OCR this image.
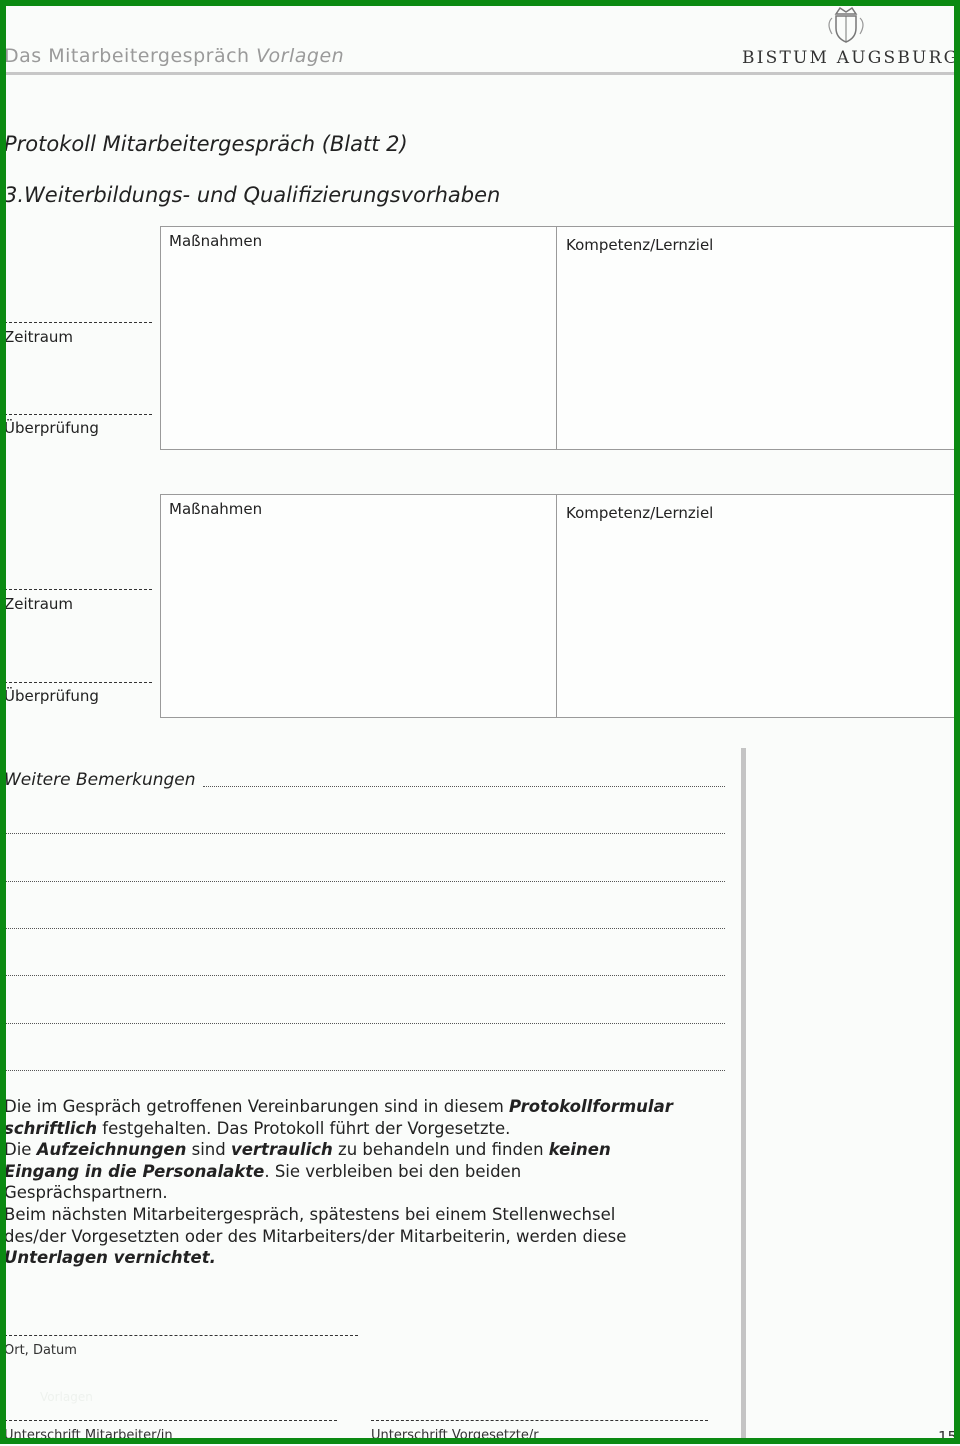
Das Mitarbeitergespräch Vorlagen	BISTUM AUGSBURG
Protokoll Mitarbeitergespräch (Blatt 2)
3.Weiterbildungs- und Qualifizierungsvorhaben
Maßnahmen	Kompetenz/Lernziel
Zeitraum
Überprüfung
Maßnahmen	Kompetenz/Lernziel
Zeitraum
Überprüfung
Weitere Bemerkungen
Die im Gespräch getroffenen Vereinbarungen sind in diesem Protokollformular schriftlich festgehalten. Das Protokoll führt der Vorgesetzte.
Die Aufzeichnungen sind vertraulich zu behandeln und finden keinen Eingang in die Personalakte. Sie verbleiben bei den beiden Gesprächspartnern.
Beim nächsten Mitarbeitergespräch, spätestens bei einem Stellenwechsel des/der Vorgesetzten oder des Mitarbeiters/der Mitarbeiterin, werden diese Unterlagen vernichtet.
Ort, Datum
Vorlagen
Unterschrift Mitarbeiter/in	Unterschrift Vorgesetzte/r	15
